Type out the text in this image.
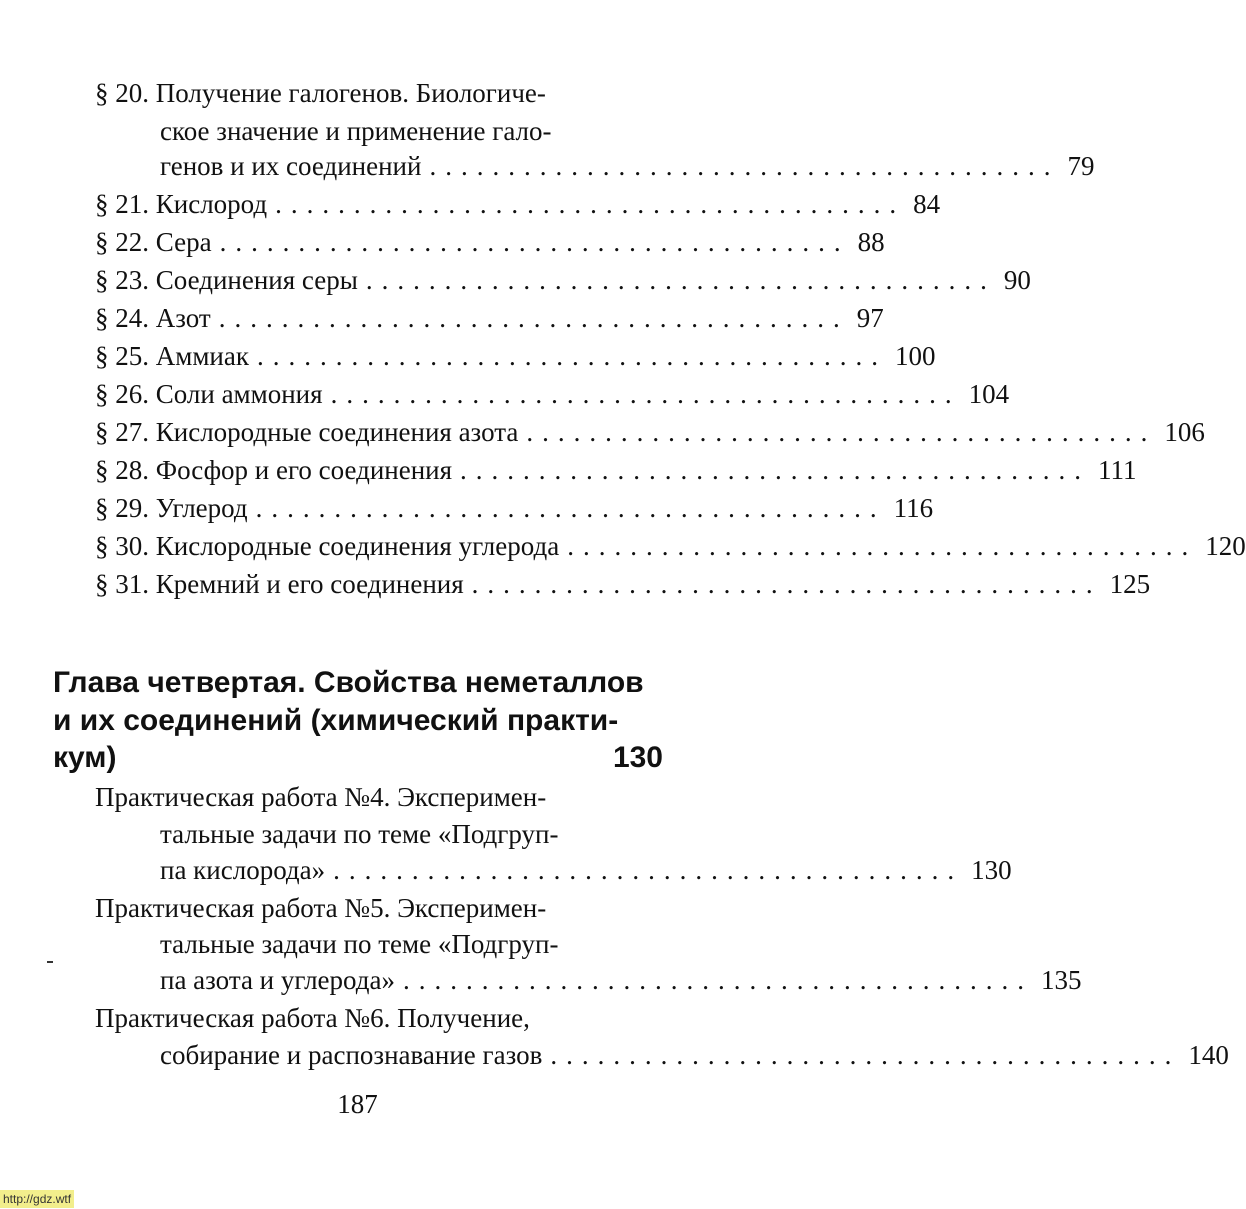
§ 20. Получение галогенов. Биологиче-
ское значение и применение гало-
генов и их соединений ........................................ 79
§ 21. Кислород ........................................ 84
§ 22. Сера ........................................ 88
§ 23. Соединения серы ........................................ 90
§ 24. Азот ........................................ 97
§ 25. Аммиак ........................................ 100
§ 26. Соли аммония ........................................ 104
§ 27. Кислородные соединения азота ........................................ 106
§ 28. Фосфор и его соединения ........................................ 111
§ 29. Углерод ........................................ 116
§ 30. Кислородные соединения углерода ........................................ 120
§ 31. Кремний и его соединения ........................................ 125
Глава четвертая. Свойства неметаллов
и их соединений (химический практи-
кум)	130
Практическая работа №4. Эксперимен-
тальные задачи по теме «Подгруп-
па кислорода» ........................................ 130
Практическая работа №5. Эксперимен-
тальные задачи по теме «Подгруп-
па азота и углерода» ........................................ 135
Практическая работа №6. Получение,
собирание и распознавание газов ........................................ 140
187
http://gdz.wtf
